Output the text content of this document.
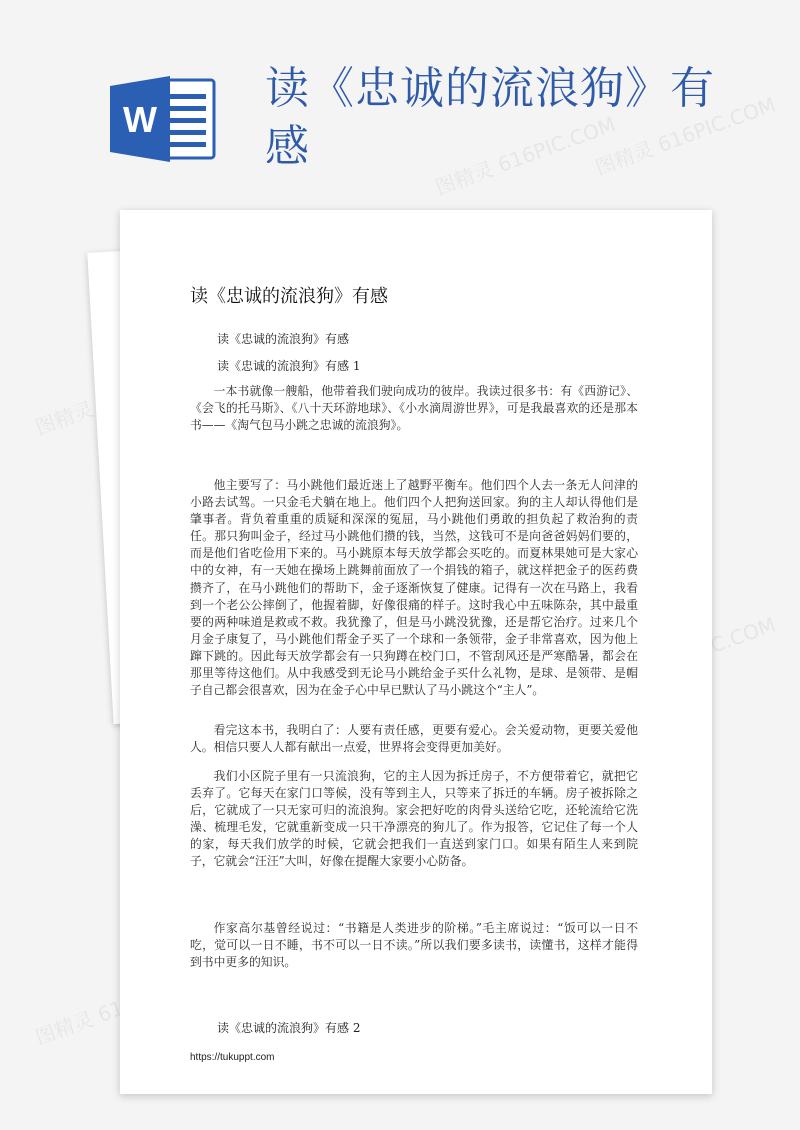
W
读《忠诚的流浪狗》有感	图精灵 616PIC.COM
图精灵 616PIC.COM
图精灵
616PIC.COM
图精灵
读《忠诚的流浪狗》有感
读《忠诚的流浪狗》有感
读《忠诚的流浪狗》有感 1

一本书就像一艘船，他带着我们驶向成功的彼岸。我读过很多书：有《西游记》、《会飞的托马斯》、《八十天环游地球》、《小水滴周游世界》，可是我最喜欢的还是那本书——《淘气包马小跳之忠诚的流浪狗》。

他主要写了：马小跳他们最近迷上了越野平衡车。他们四个人去一条无人问津的小路去试驾。一只金毛犬躺在地上。他们四个人把狗送回家。狗的主人却认得他们是肇事者。背负着重重的质疑和深深的冤屈，马小跳他们勇敢的担负起了救治狗的责任。那只狗叫金子，经过马小跳他们攒的钱，当然，这钱可不是向爸爸妈妈们要的，而是他们省吃俭用下来的。马小跳原本每天放学都会买吃的。而夏林果她可是大家心中的女神，有一天她在操场上跳舞前面放了一个捐钱的箱子，就这样把金子的医药费攒齐了，在马小跳他们的帮助下，金子逐渐恢复了健康。记得有一次在马路上，我看到一个老公公摔倒了，他握着脚，好像很痛的样子。这时我心中五味陈杂，其中最重要的两种味道是救或不救。我犹豫了，但是马小跳没犹豫，还是帮它治疗。过来几个月金子康复了，马小跳他们帮金子买了一个球和一条领带，金子非常喜欢，因为他上蹿下跳的。因此每天放学都会有一只狗蹲在校门口，不管刮风还是严寒酷暑，都会在那里等待这他们。从中我感受到无论马小跳给金子买什么礼物，是球、是领带、是帽子自己都会很喜欢，因为在金子心中早已默认了马小跳这个“主人”。

看完这本书，我明白了：人要有责任感，更要有爱心。会关爱动物，更要关爱他人。相信只要人人都有献出一点爱，世界将会变得更加美好。

我们小区院子里有一只流浪狗，它的主人因为拆迁房子，不方便带着它，就把它丢弃了。它每天在家门口等候，没有等到主人，只等来了拆迁的车辆。房子被拆除之后，它就成了一只无家可归的流浪狗。家会把好吃的肉骨头送给它吃，还轮流给它洗澡、梳理毛发，它就重新变成一只干净漂亮的狗儿了。作为报答，它记住了每一个人的家，每天我们放学的时候，它就会把我们一直送到家门口。如果有陌生人来到院子，它就会“汪汪”大叫，好像在提醒大家要小心防备。

作家高尔基曾经说过：“书籍是人类进步的阶梯。”毛主席说过：“饭可以一日不吃，觉可以一日不睡，书不可以一日不读。”所以我们要多读书，读懂书，这样才能得到书中更多的知识。

读《忠诚的流浪狗》有感 2
https://tukuppt.com
